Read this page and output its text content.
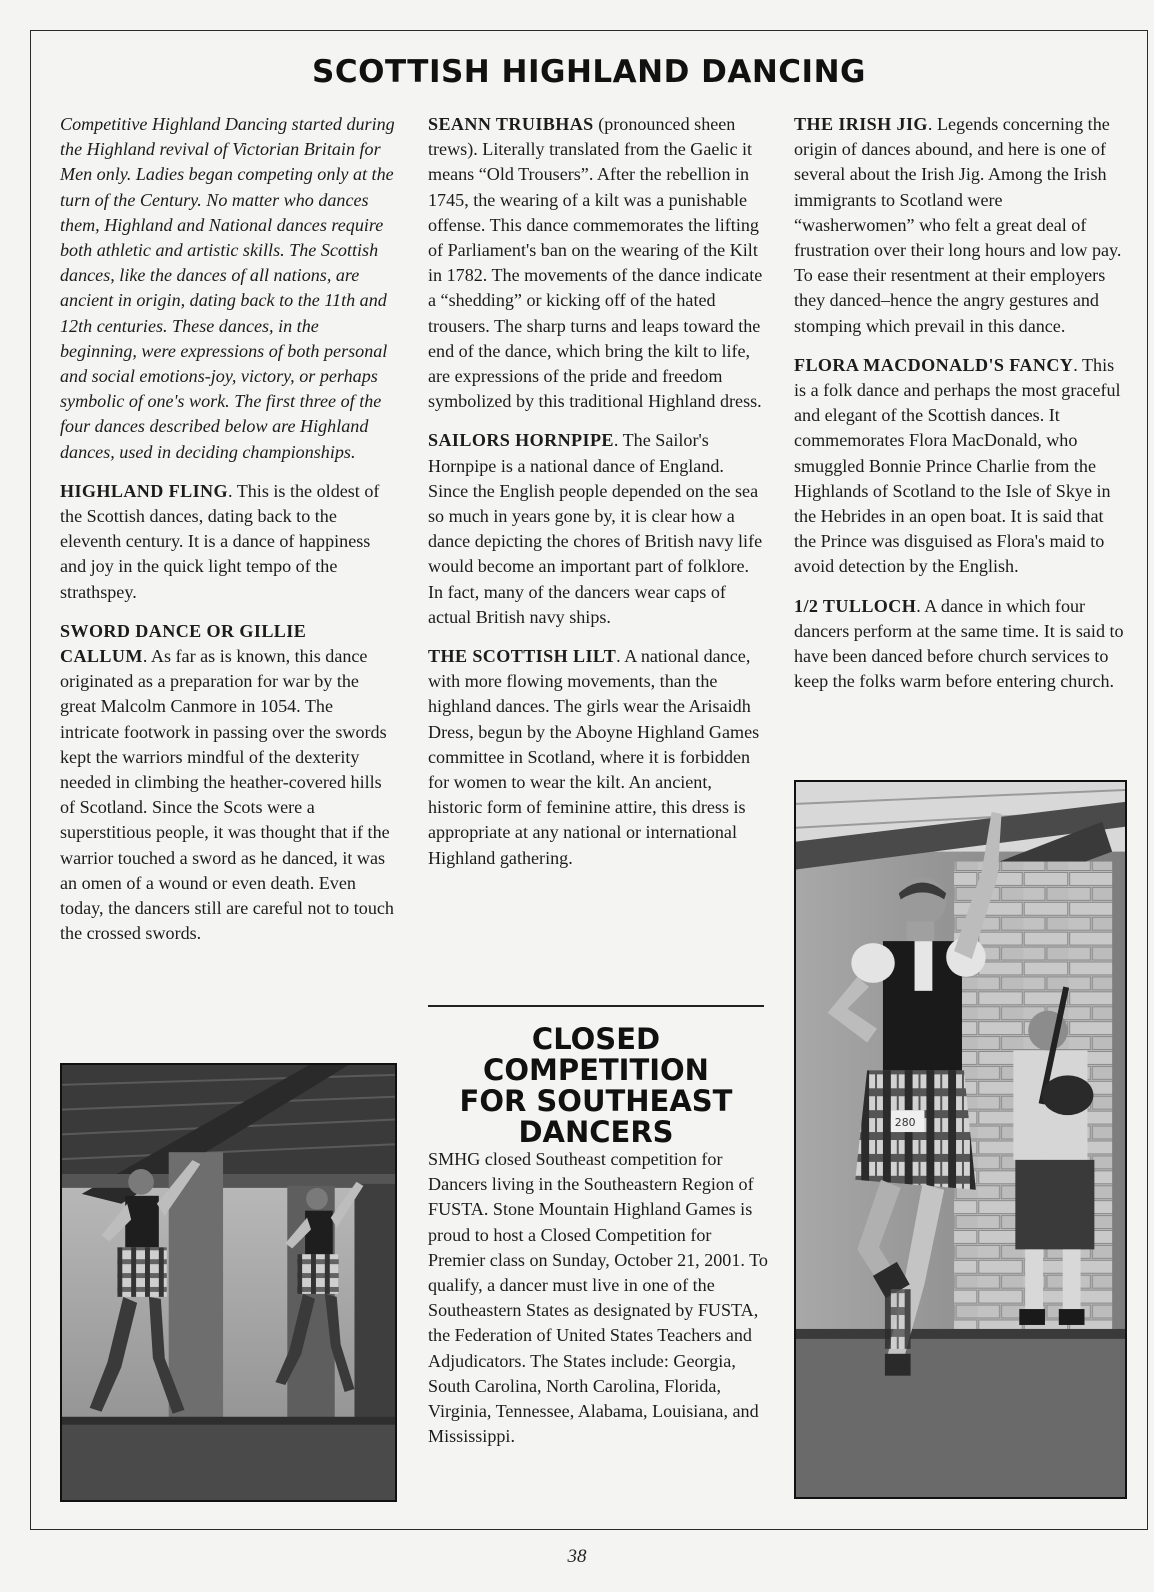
SCOTTISH HIGHLAND DANCING

Competitive Highland Dancing started during the Highland revival of Victorian Britain for Men only. Ladies began competing only at the turn of the Century. No matter who dances them, Highland and National dances require both athletic and artistic skills. The Scottish dances, like the dances of all nations, are ancient in origin, dating back to the 11th and 12th centuries. These dances, in the beginning, were expressions of both personal and social emotions-joy, victory, or perhaps symbolic of one's work. The first three of the four dances described below are Highland dances, used in deciding championships.

HIGHLAND FLING. This is the oldest of the Scottish dances, dating back to the eleventh century. It is a dance of happiness and joy in the quick light tempo of the strathspey.

SWORD DANCE OR GILLIE CALLUM. As far as is known, this dance originated as a preparation for war by the great Malcolm Canmore in 1054. The intricate footwork in passing over the swords kept the warriors mindful of the dexterity needed in climbing the heather-covered hills of Scotland. Since the Scots were a superstitious people, it was thought that if the warrior touched a sword as he danced, it was an omen of a wound or even death. Even today, the dancers still are careful not to touch the crossed swords.

SEANN TRUIBHAS (pronounced sheen trews). Literally translated from the Gaelic it means “Old Trousers”. After the rebellion in 1745, the wearing of a kilt was a punishable offense. This dance commemorates the lifting of Parliament's ban on the wearing of the Kilt in 1782. The movements of the dance indicate a “shedding” or kicking off of the hated trousers. The sharp turns and leaps toward the end of the dance, which bring the kilt to life, are expressions of the pride and freedom symbolized by this traditional Highland dress.

SAILORS HORNPIPE. The Sailor's Hornpipe is a national dance of England. Since the English people depended on the sea so much in years gone by, it is clear how a dance depicting the chores of British navy life would become an important part of folklore. In fact, many of the dancers wear caps of actual British navy ships.

THE SCOTTISH LILT. A national dance, with more flowing movements, than the highland dances. The girls wear the Arisaidh Dress, begun by the Aboyne Highland Games committee in Scotland, where it is forbidden for women to wear the kilt. An ancient, historic form of feminine attire, this dress is appropriate at any national or international Highland gathering.

CLOSED
COMPETITION
FOR SOUTHEAST
DANCERS

SMHG closed Southeast competition for Dancers living in the Southeastern Region of FUSTA. Stone Mountain Highland Games is proud to host a Closed Competition for Premier class on Sunday, October 21, 2001. To qualify, a dancer must live in one of the Southeastern States as designated by FUSTA, the Federation of United States Teachers and Adjudicators. The States include: Georgia, South Carolina, North Carolina, Florida, Virginia, Tennessee, Alabama, Louisiana, and Mississippi.

THE IRISH JIG. Legends concerning the origin of dances abound, and here is one of several about the Irish Jig. Among the Irish immigrants to Scotland were “washerwomen” who felt a great deal of frustration over their long hours and low pay. To ease their resentment at their employers they danced–hence the angry gestures and stomping which prevail in this dance.

FLORA MACDONALD'S FANCY. This is a folk dance and perhaps the most graceful and elegant of the Scottish dances. It commemorates Flora MacDonald, who smuggled Bonnie Prince Charlie from the Highlands of Scotland to the Isle of Skye in the Hebrides in an open boat. It is said that the Prince was disguised as Flora's maid to avoid detection by the English.

1/2 TULLOCH. A dance in which four dancers perform at the same time. It is said to have been danced before church services to keep the folks warm before entering church.

280
38
